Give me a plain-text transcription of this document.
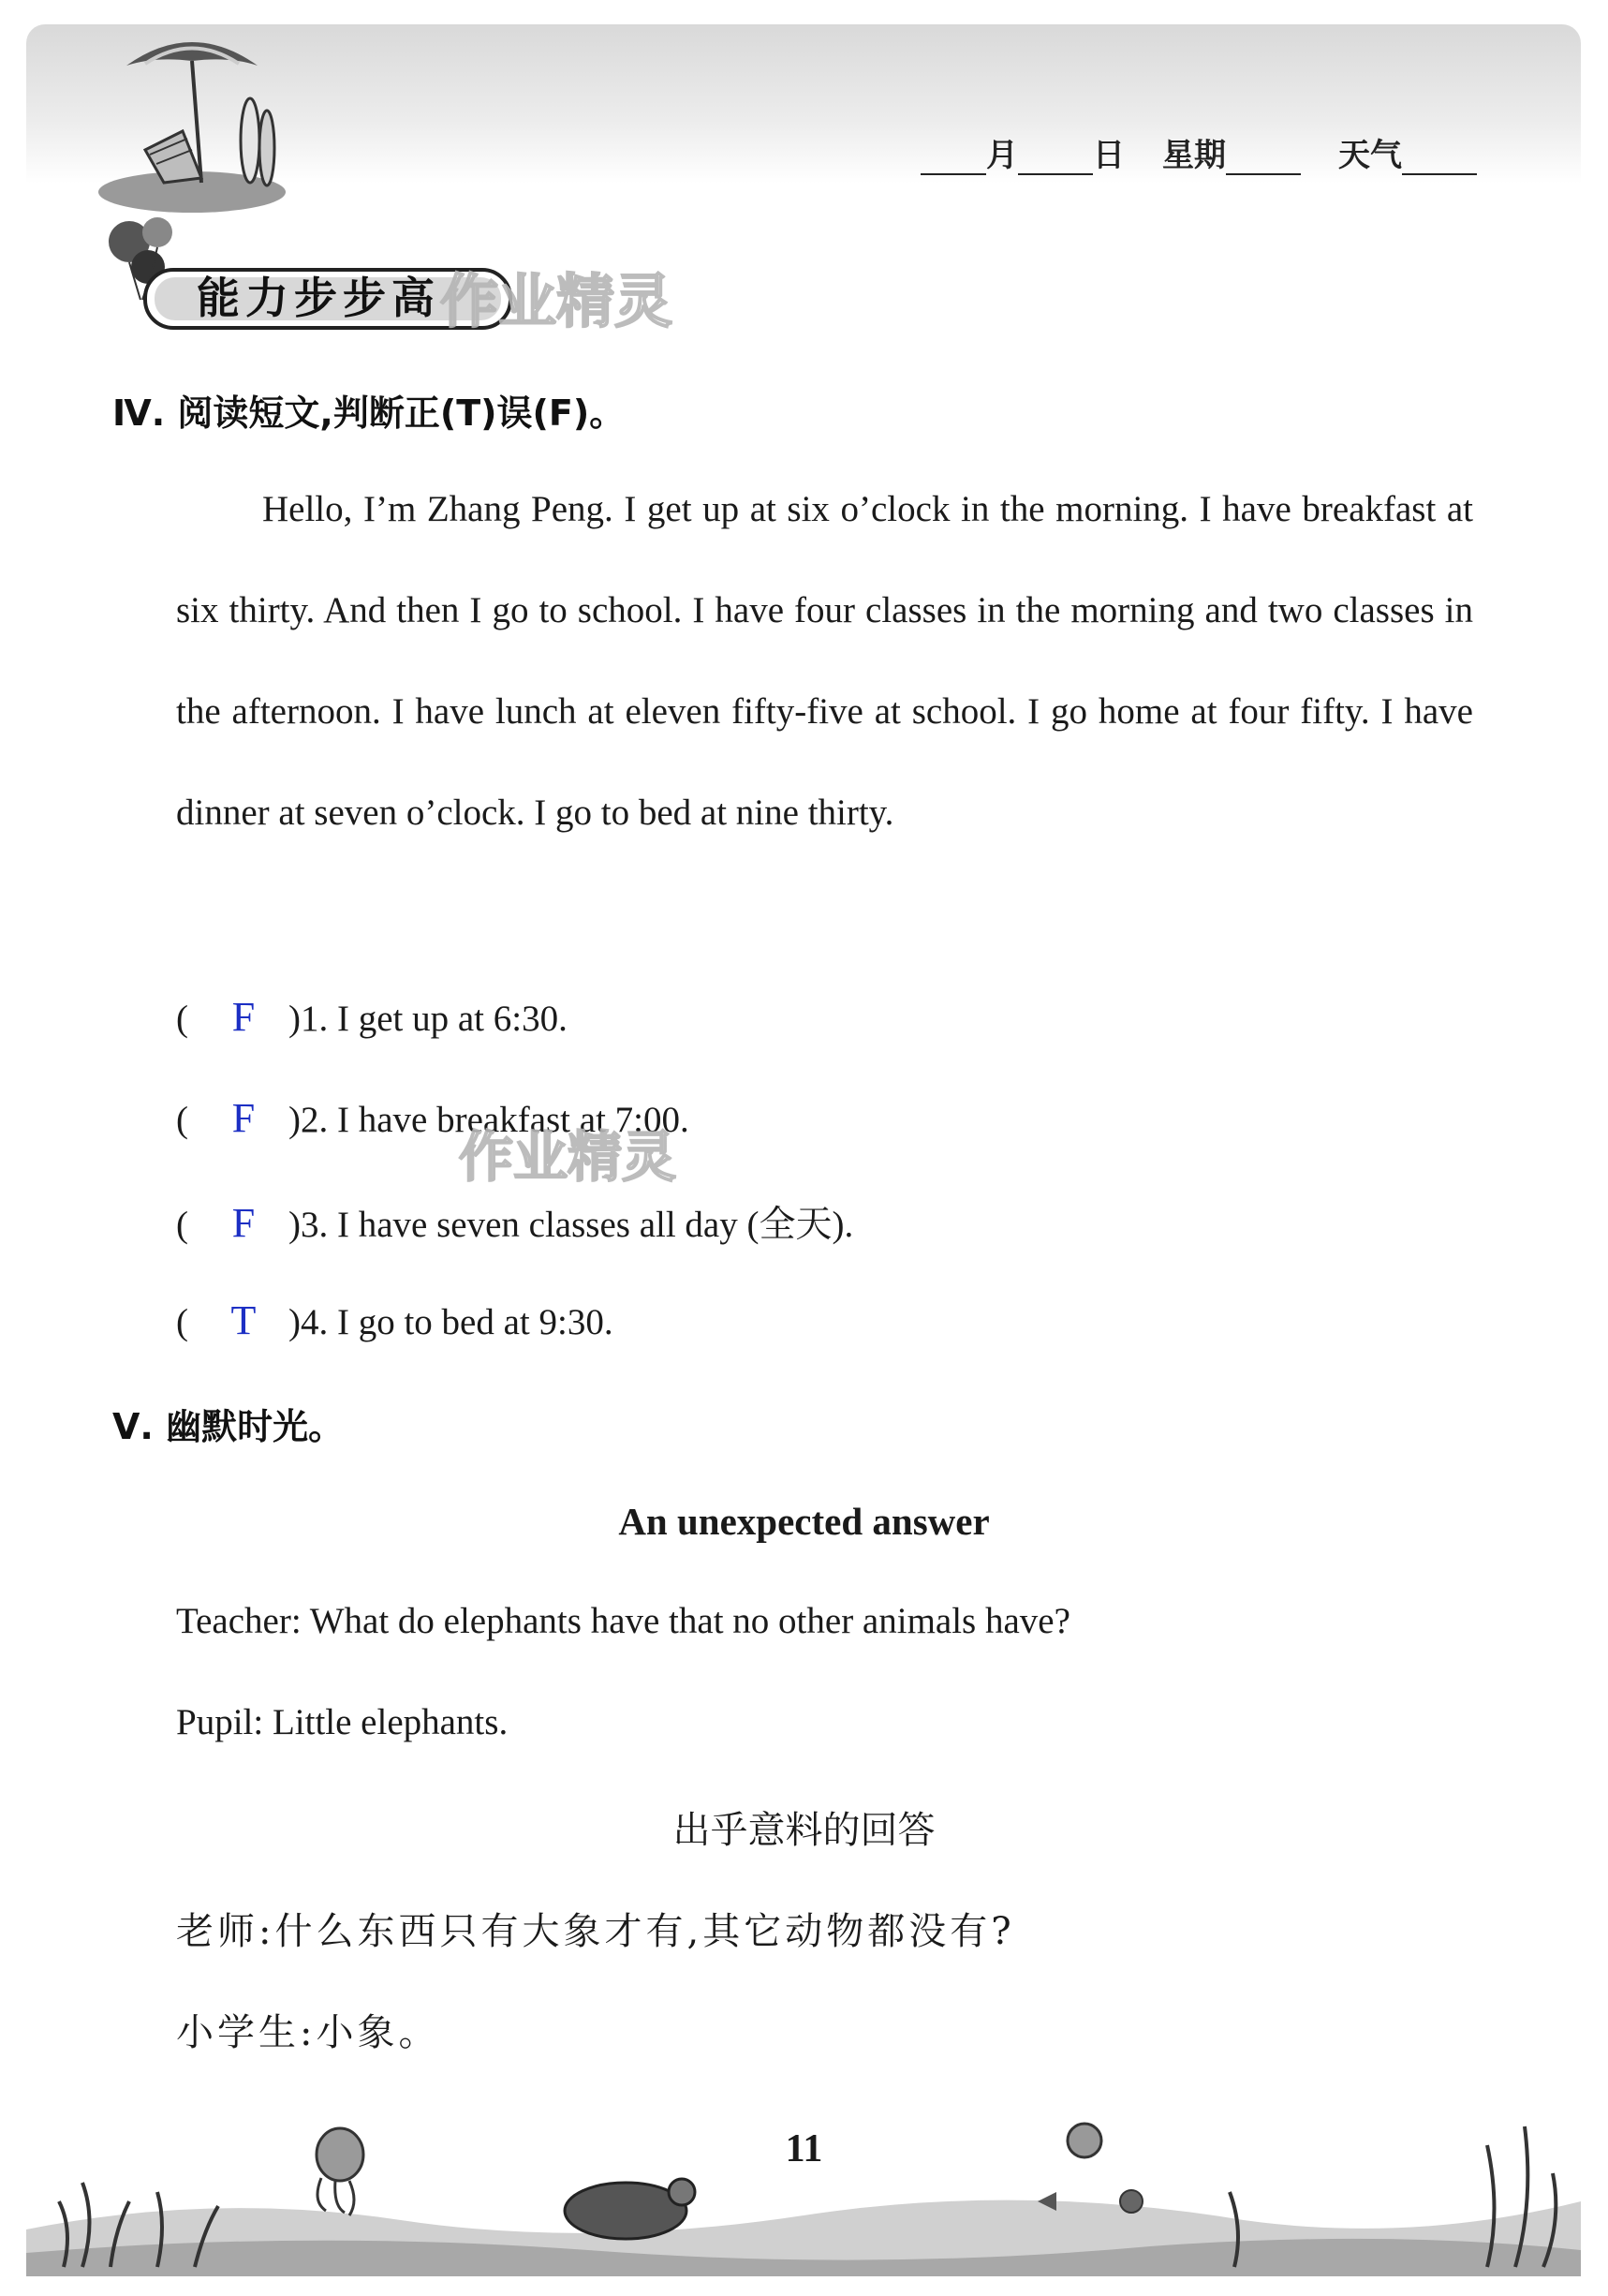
月 日 星期	天气
能力步步高 作业精灵
Ⅳ. 阅读短文,判断正(T)误(F)。
Hello, I’m Zhang Peng. I get up at six o’clock in the morning. I have breakfast at six thirty. And then I go to school. I have four classes in the morning and two classes in the afternoon. I have lunch at eleven fifty-five at school. I go home at four fifty. I have dinner at seven o’clock. I go to bed at nine thirty.
(	F )1. I get up at 6:30.
(	F )2. I have breakfast at 7:00.
作业精灵
(	F )3. I have seven classes all day (全天).
(	T )4. I go to bed at 9:30.
Ⅴ. 幽默时光。
An unexpected answer
Teacher: What do elephants have that no other animals have?
Pupil: Little elephants.
出乎意料的回答
老师:什么东西只有大象才有,其它动物都没有?
小学生:小象。
11
